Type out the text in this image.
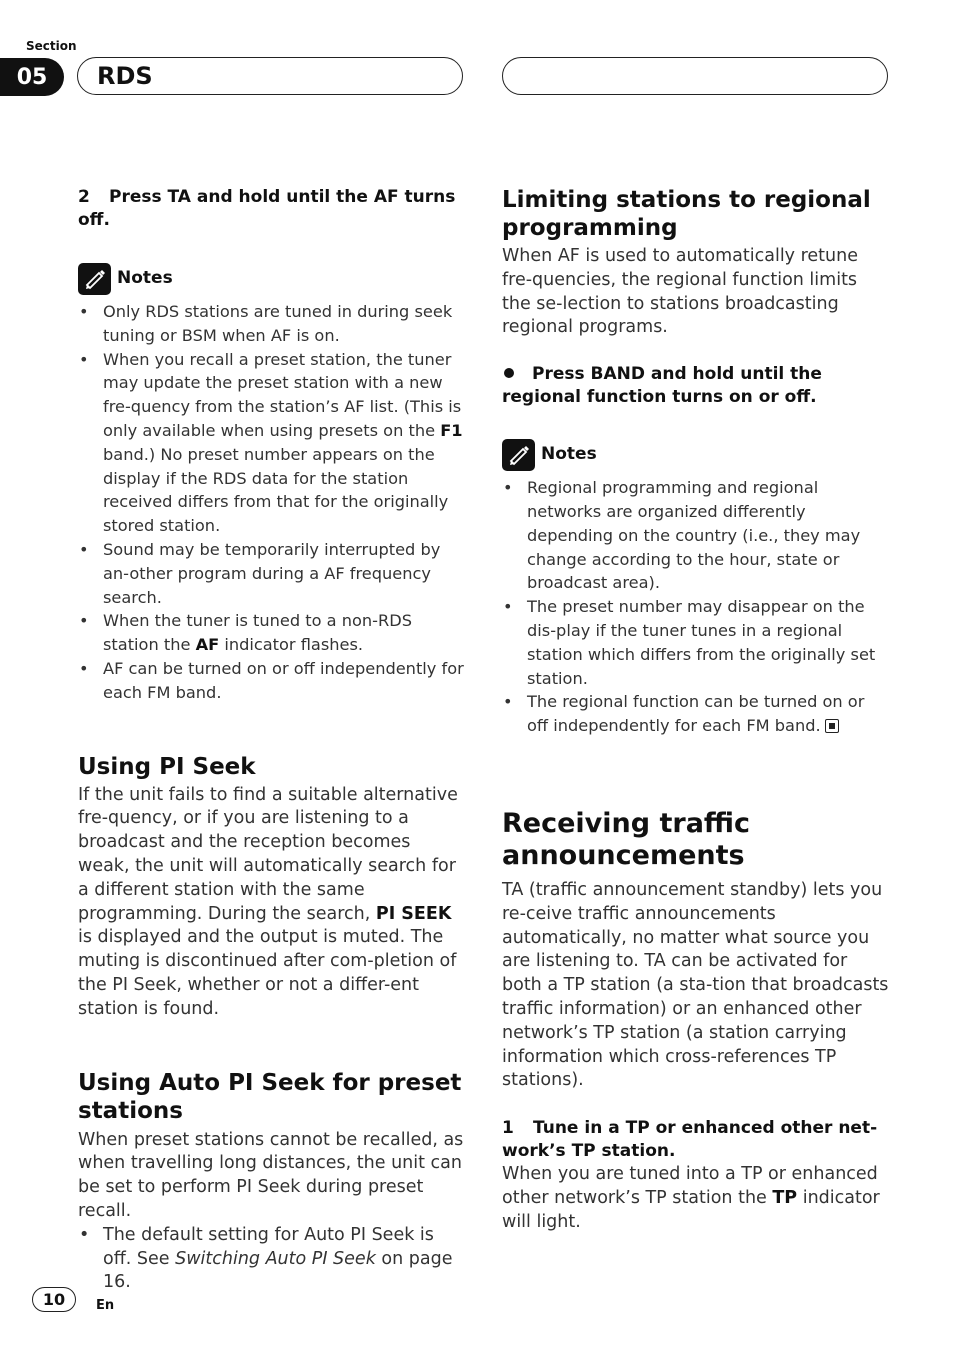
Section
05	RDS
2 Press TA and hold until the AF turns off.
Notes
• Only RDS stations are tuned in during seek tuning or BSM when AF is on.
• When you recall a preset station, the tuner may update the preset station with a new fre-quency from the station’s AF list. (This is only available when using presets on the F1 band.) No preset number appears on the display if the RDS data for the station received differs from that for the originally stored station.
• Sound may be temporarily interrupted by an-other program during a AF frequency search.
• When the tuner is tuned to a non-RDS station the AF indicator flashes.
• AF can be turned on or off independently for each FM band.
Using PI Seek

If the unit fails to find a suitable alternative fre-quency, or if you are listening to a broadcast and the reception becomes weak, the unit will automatically search for a different station with the same programming. During the search, PI SEEK is displayed and the output is muted. The muting is discontinued after com-pletion of the PI Seek, whether or not a differ-ent station is found.

Using Auto PI Seek for preset stations

When preset stations cannot be recalled, as when travelling long distances, the unit can be set to perform PI Seek during preset recall.

• The default setting for Auto PI Seek is off. See Switching Auto PI Seek on page 16.
Limiting stations to regional programming

When AF is used to automatically retune fre-quencies, the regional function limits the se-lection to stations broadcasting regional programs.

Press BAND and hold until the regional function turns on or off.
Notes
• Regional programming and regional networks are organized differently depending on the country (i.e., they may change according to the hour, state or broadcast area).
• The preset number may disappear on the dis-play if the tuner tunes in a regional station which differs from the originally set station.
• The regional function can be turned on or off independently for each FM band.
Receiving traffic announcements

TA (traffic announcement standby) lets you re-ceive traffic announcements automatically, no matter what source you are listening to. TA can be activated for both a TP station (a sta-tion that broadcasts traffic information) or an enhanced other network’s TP station (a station carrying information which cross-references TP stations).

1 Tune in a TP or enhanced other net-work’s TP station.

When you are tuned into a TP or enhanced other network’s TP station the TP indicator will light.

10	En
